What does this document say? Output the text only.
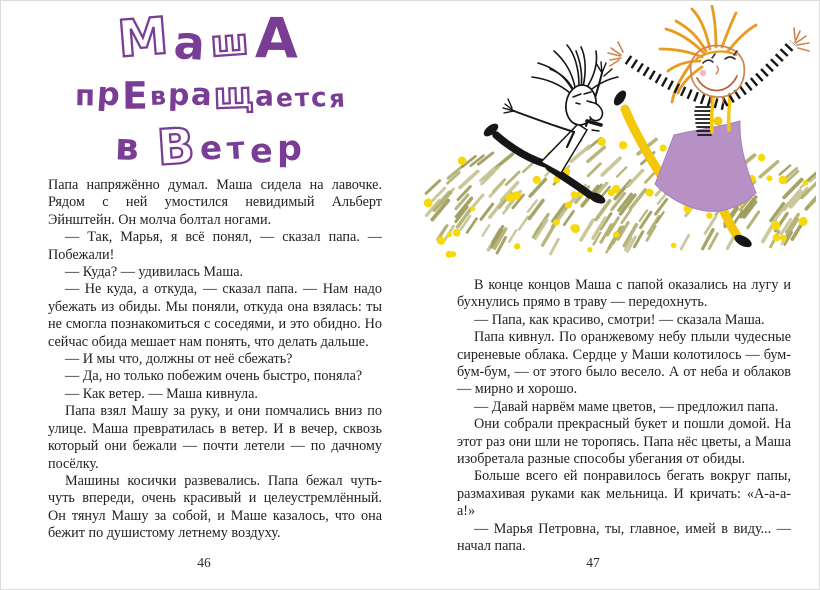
МашА
прЕвращается
в Ветер

Папа напряжённо думал. Маша сидела на лавочке. Рядом с ней умостился невидимый Альберт Эйнштейн. Он молча болтал ногами.

— Так, Марья, я всё понял, — сказал папа. — Побежали!

— Куда? — удивилась Маша.

— Не куда, а откуда, — сказал папа. — Нам надо убежать из обиды. Мы поняли, откуда она взялась: ты не смогла познакомиться с соседями, и это обидно. Но сейчас обида мешает нам понять, что делать дальше.

— И мы что, должны от неё сбежать?

— Да, но только побежим очень быстро, поняла?

— Как ветер. — Маша кивнула.

Папа взял Машу за руку, и они помчались вниз по улице. Маша превратилась в ветер. И в вечер, сквозь который они бежали — почти летели — по дачному посёлку.

Машины косички развевались. Папа бежал чуть-чуть впереди, очень красивый и целеустремлённый. Он тянул Машу за собой, и Маше казалось, что она бежит по душистому летнему воздуху.

46

В конце концов Маша с папой оказались на лугу и бухнулись прямо в траву — передохнуть.

— Папа, как красиво, смотри! — сказала Маша.

Папа кивнул. По оранжевому небу плыли чудесные сиреневые облака. Сердце у Маши колотилось — бум-бум-бум, — от этого было весело. А от неба и облаков — мирно и хорошо.

— Давай нарвём маме цветов, — предложил папа.

Они собрали прекрасный букет и пошли домой. На этот раз они шли не торопясь. Папа нёс цветы, а Маша изобретала разные способы убегания от обиды.

Больше всего ей понравилось бегать вокруг папы, размахивая руками как мельница. И кричать: «А-а-а-а!»

— Марья Петровна, ты, главное, имей в виду... — начал папа.

47
